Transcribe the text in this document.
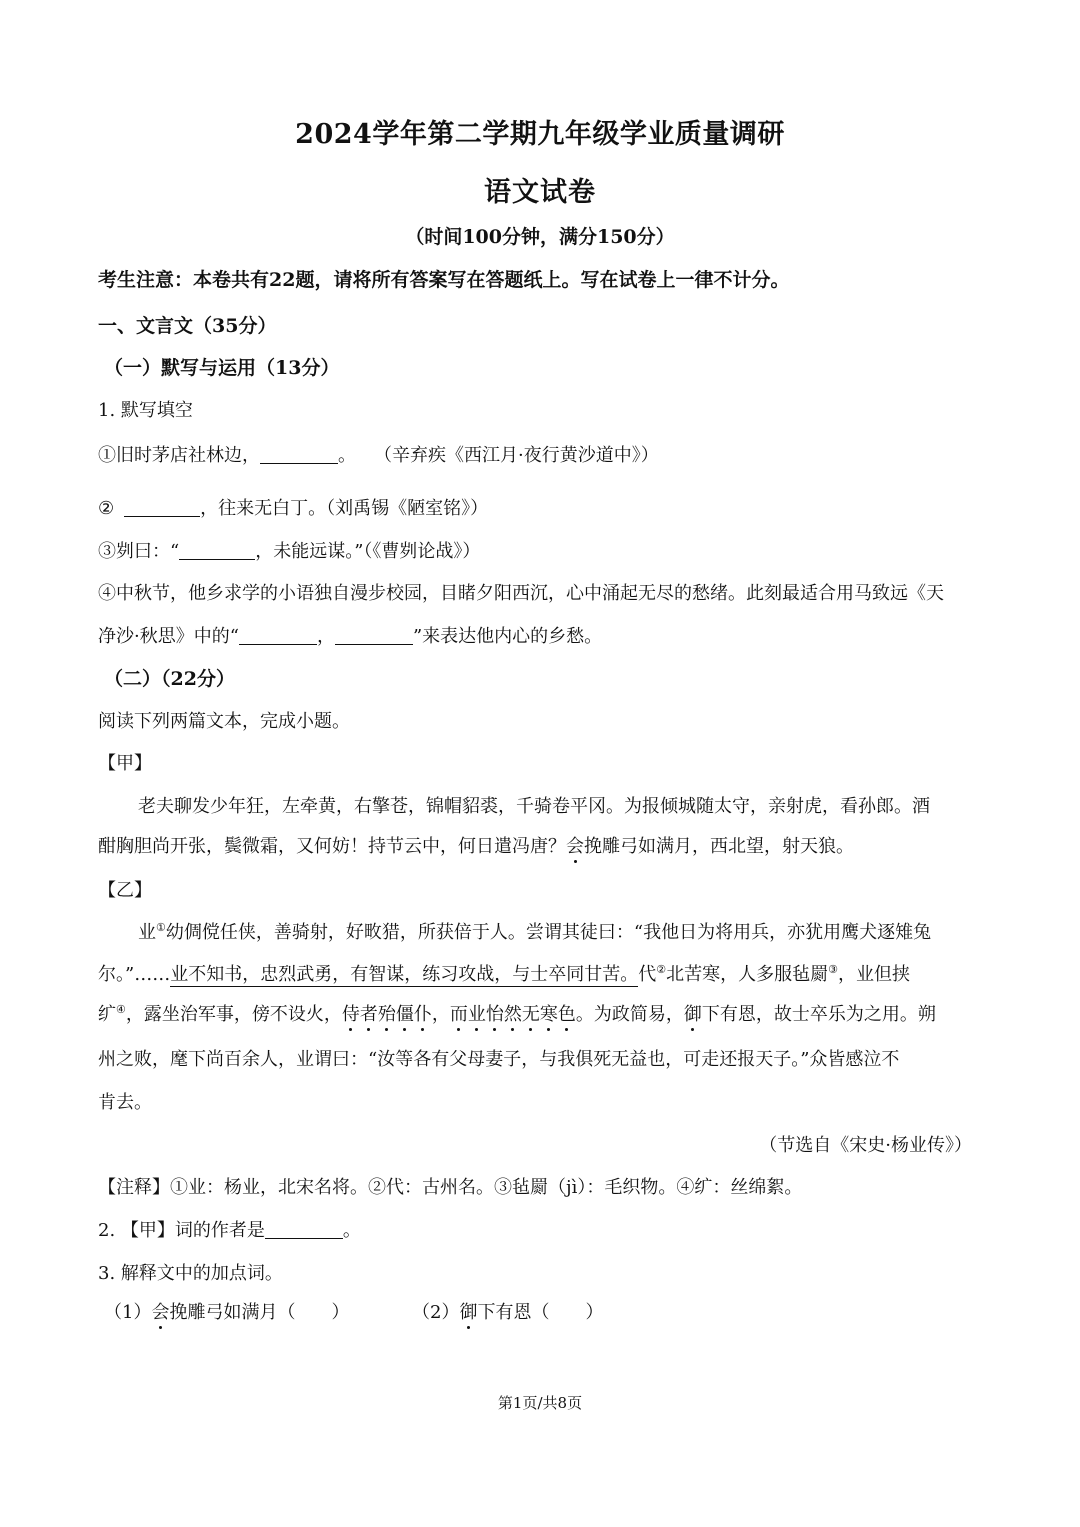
2024学年第二学期九年级学业质量调研
语文试卷
（时间100分钟，满分150分）
考生注意：本卷共有22题，请将所有答案写在答题纸上。写在试卷上一律不计分。
一、文言文（35分）
（一）默写与运用（13分）
1. 默写填空
①旧时茅店社林边，	。 （辛弃疾《西江月·夜行黄沙道中》）
②	，往来无白丁。（刘禹锡《陋室铭》）
③刿曰：“	，未能远谋。”（《曹刿论战》）
④中秋节，他乡求学的小语独自漫步校园，目睹夕阳西沉，心中涌起无尽的愁绪。此刻最适合用马致远《天
净沙·秋思》中的“	，	”来表达他内心的乡愁。
（二）（22分）
阅读下列两篇文本，完成小题。
【甲】
老夫聊发少年狂，左牵黄，右擎苍，锦帽貂裘，千骑卷平冈。为报倾城随太守，亲射虎，看孙郎。酒
酣胸胆尚开张，鬓微霜，又何妨！持节云中，何日遣冯唐？会挽雕弓如满月，西北望，射天狼。
【乙】
业①幼倜傥任侠，善骑射，好畋猎，所获倍于人。尝谓其徒曰：“我他日为将用兵，亦犹用鹰犬逐雉兔
尔。”……业不知书，忠烈武勇，有智谋，练习攻战，与士卒同甘苦。代②北苦寒，人多服毡罽③，业但挟
纩④，露坐治军事，傍不设火，侍者殆僵仆，而业怡然无寒色。为政简易，御下有恩，故士卒乐为之用。朔
州之败，麾下尚百余人，业谓曰：“汝等各有父母妻子，与我俱死无益也，可走还报天子。”众皆感泣不
肯去。
（节选自《宋史·杨业传》）
【注释】①业：杨业，北宋名将。②代：古州名。③毡罽（jì）：毛织物。④纩：丝绵絮。
2. 【甲】词的作者是	。
3. 解释文中的加点词。
（1）会挽雕弓如满月（　　）	（2）御下有恩（　　）
第1页/共8页
